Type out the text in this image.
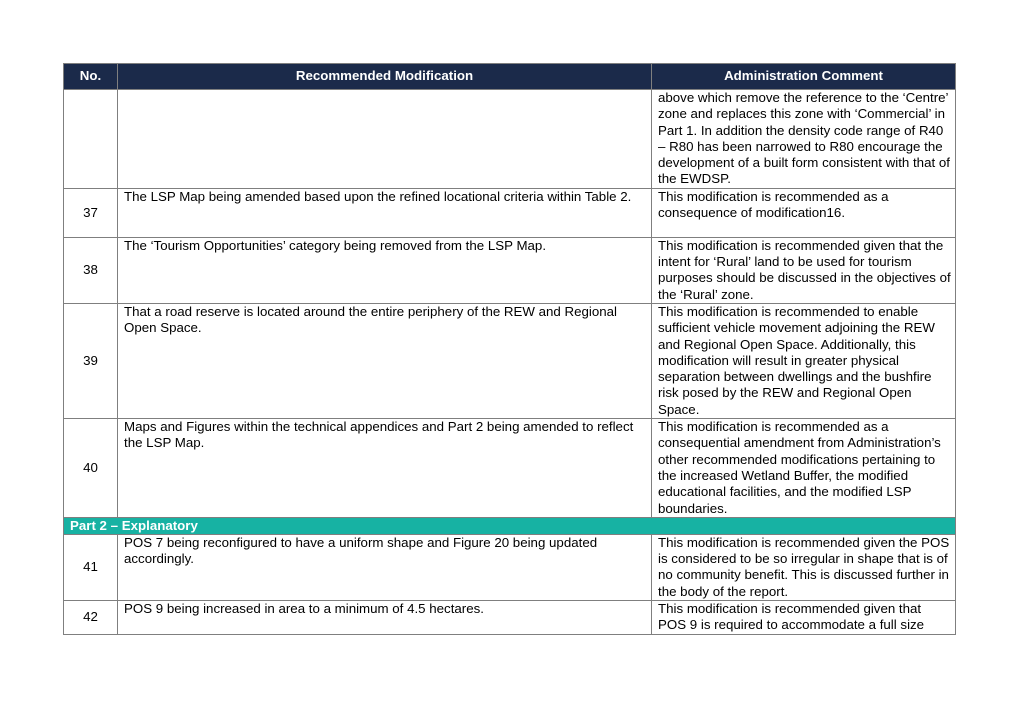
No.	Recommended Modification	Administration Comment
		above which remove the reference to the ‘Centre’ zone and replaces this zone with ‘Commercial’ in Part 1. In addition the density code range of R40 – R80 has been narrowed to R80 encourage the development of a built form consistent with that of the EWDSP.
37	The LSP Map being amended based upon the refined locational criteria within Table 2.	This modification is recommended as a consequence of modification16.
38	The ‘Tourism Opportunities’ category being removed from the LSP Map.	This modification is recommended given that the intent for ‘Rural’ land to be used for tourism purposes should be discussed in the objectives of the ‘Rural’ zone.
39	That a road reserve is located around the entire periphery of the REW and Regional Open Space.	This modification is recommended to enable sufficient vehicle movement adjoining the REW and Regional Open Space. Additionally, this modification will result in greater physical separation between dwellings and the bushfire risk posed by the REW and Regional Open Space.
40	Maps and Figures within the technical appendices and Part 2 being amended to reflect the LSP Map.	This modification is recommended as a consequential amendment from Administration’s other recommended modifications pertaining to the increased Wetland Buffer, the modified educational facilities, and the modified LSP boundaries.
Part 2 – Explanatory		
41	POS 7 being reconfigured to have a uniform shape and Figure 20 being updated accordingly.	This modification is recommended given the POS is considered to be so irregular in shape that is of no community benefit. This is discussed further in the body of the report.
42	POS 9 being increased in area to a minimum of 4.5 hectares.	This modification is recommended given that POS 9 is required to accommodate a full size
